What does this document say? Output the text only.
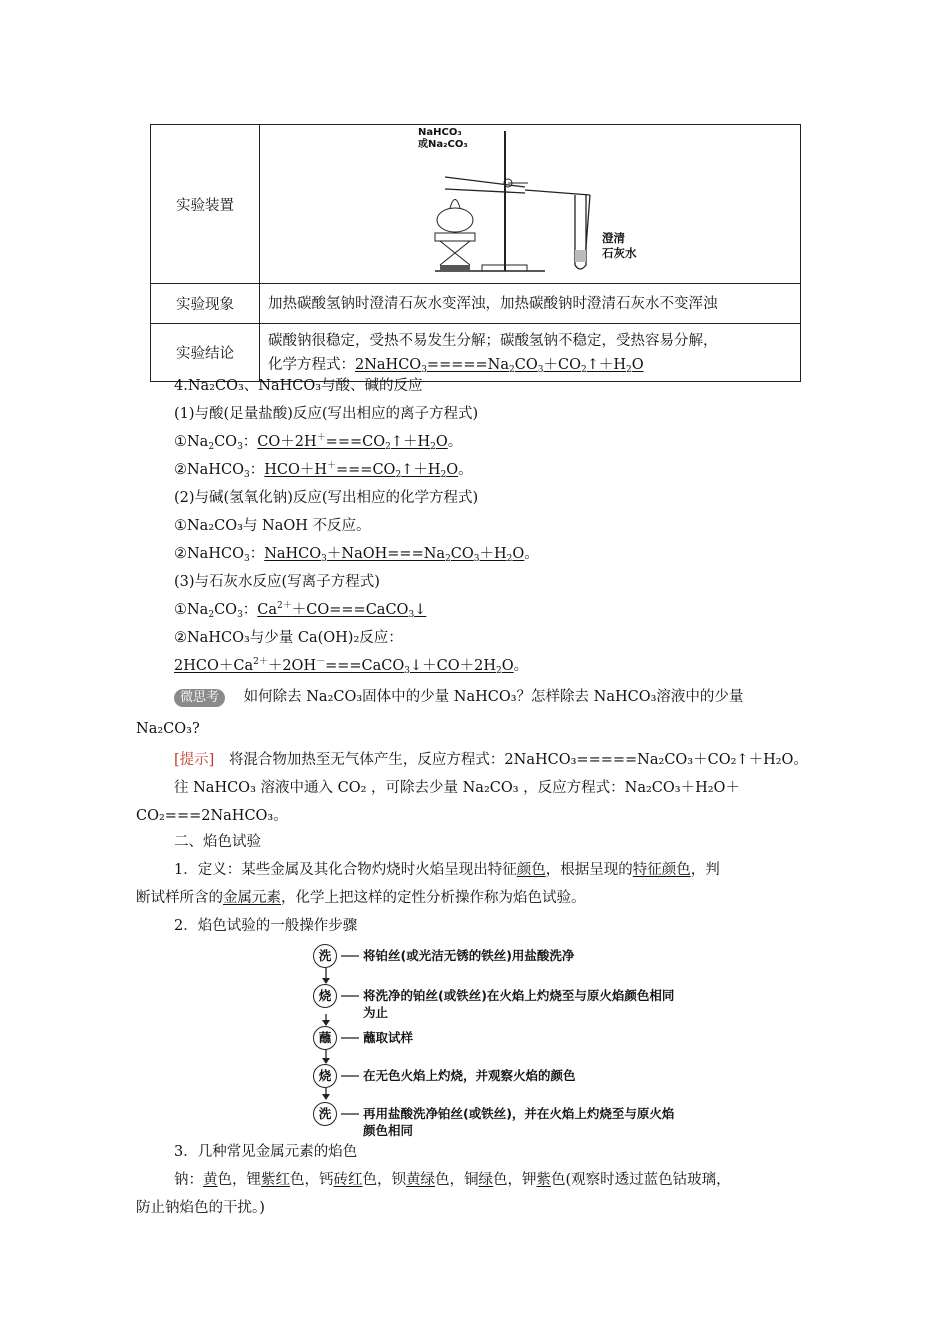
实验装置	NaHCO₃
或Na₂CO₃
澄清
石灰水

实验现象	加热碳酸氢钠时澄清石灰水变浑浊，加热碳酸钠时澄清石灰水不变浑浊
实验结论	碳酸钠很稳定，受热不易发生分解；碳酸氢钠不稳定，受热容易分解，
化学方程式：$2NaHCO_3=====Na_2CO_3+CO_2↑+H_2O$
4.Na₂CO₃、NaHCO₃与酸、碱的反应
(1)与酸(足量盐酸)反应(写出相应的离子方程式)
$①Na_2CO_3$：$CO+2H^+===CO_2↑+H_2O$。
②NaHCO$_3$：$HCO+H^+===CO_2↑+H_2O$。
(2)与碱(氢氧化钠)反应(写出相应的化学方程式)
①Na₂CO₃与 NaOH 不反应。
②NaHCO$_3$：$NaHCO_3+NaOH===Na_2CO_3+H_2O$。
(3)与石灰水反应(写离子方程式)
$①Na_2CO_3$：$Ca^{2+}+CO===CaCO_3↓$
②NaHCO₃与少量 Ca(OH)₂反应：
$2HCO+Ca^{2+}+2OH^-===CaCO_3↓+CO+2H_2O$。
微思考 如何除去 Na₂CO₃固体中的少量 NaHCO₃？怎样除去 NaHCO₃溶液中的少量
Na₂CO₃?
[提示] 将混合物加热至无气体产生，反应方程式：2NaHCO₃=====Na₂CO₃＋CO₂↑＋H₂O。
往 NaHCO₃ 溶液中通入 CO₂ ，可除去少量 Na₂CO₃ ，反应方程式：Na₂CO₃＋H₂O＋
CO₂===2NaHCO₃。
二、焰色试验
1．定义：某些金属及其化合物灼烧时火焰呈现出特征颜色，根据呈现的特征颜色，判
断试样所含的金属元素，化学上把这样的定性分析操作称为焰色试验。
2．焰色试验的一般操作步骤
洗	将铂丝(或光洁无锈的铁丝)用盐酸洗净
烧	将洗净的铂丝(或铁丝)在火焰上灼烧至与原火焰颜色相同
为止
蘸	蘸取试样
烧	在无色火焰上灼烧，并观察火焰的颜色
洗	再用盐酸洗净铂丝(或铁丝)，并在火焰上灼烧至与原火焰
颜色相同
3．几种常见金属元素的焰色
钠：黄色，锂紫红色，钙砖红色，钡黄绿色，铜绿色，钾紫色(观察时透过蓝色钴玻璃，
防止钠焰色的干扰。)
